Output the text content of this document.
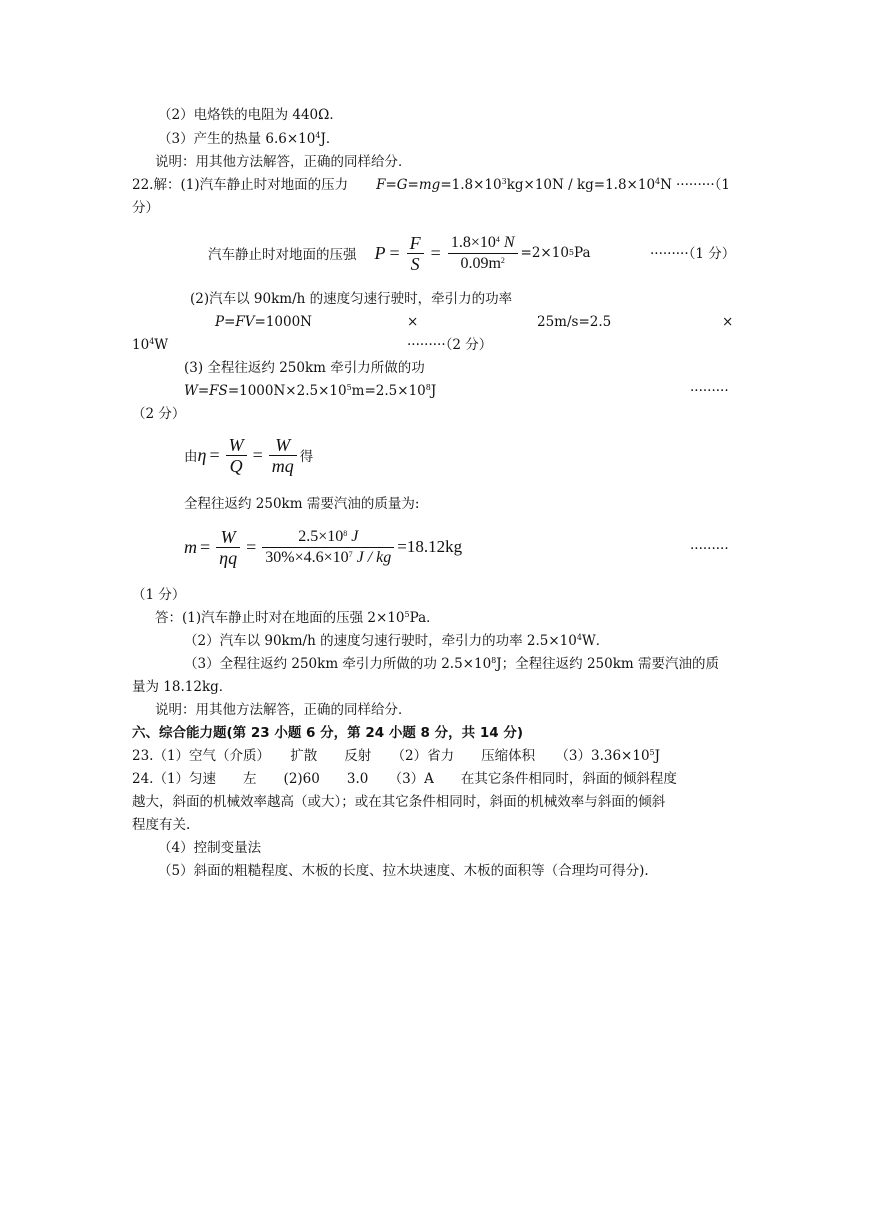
（2）电烙铁的电阻为 440Ω．
（3）产生的热量 $6.6\times 10^4J$．
说明：用其他方法解答，正确的同样给分．
22.解：(1)汽车静止时对地面的压力 $F=G=mg=1.8\times 10^3kg\times 10N / kg=1.8\times 10^4N \cdot\cdot\cdot\cdot\cdot\cdot\cdot\cdot\cdot(1$
分）
汽车静止时对地面的压强 $P = \frac{F}{S} = \frac{1.8\times 10^4 N}{0.09m^2} =2\times 10$ 5 Pa	·········（1 分）
(2)汽车以 90km/h 的速度匀速行驶时，牵引力的功率
P=FV=1000N	×	25m/s=2.5	×
$10^4W$	·········（2 分）
(3) 全程往返约 250km 牵引力所做的功
$W=FS=1000N\times 2.5\times 10^5m=2.5\times 10^8J$	·········
（2 分）
由 $\eta = \frac{W}{Q} = \frac{W}{mq}$ 得
全程往返约 250km 需要汽油的质量为:
$m = \frac{W}{\eta q} = \frac{2.5\times 10^8 J}{30\%\times 4.6\times 10^7 J / kg} =18.12kg$	·········
（1 分）
答：(1)汽车静止时对在地面的压强 $2\times 10^5Pa$．
（2）汽车以 90km/h 的速度匀速行驶时，牵引力的功率 $2.5\times 10^4W$．
（3）全程往返约 250km 牵引力所做的功 $2.5\times 10^8J$；全程往返约 250km 需要汽油的质
量为 18.12kg．
说明：用其他方法解答，正确的同样给分．
六、综合能力题(第 23 小题 6 分，第 24 小题 8 分，共 14 分)
23.（1）空气（介质）　　扩散　　反射　　（2）省力　　压缩体积　　$(3)3.36\times 10^5J$
24.（1）匀速　　左　　(2)60　　3.0　　（3）A　　在其它条件相同时，斜面的倾斜程度
越大，斜面的机械效率越高（或大）；或在其它条件相同时，斜面的机械效率与斜面的倾斜
程度有关.
（4）控制变量法
（5）斜面的粗糙程度、木板的长度、拉木块速度、木板的面积等（合理均可得分).
